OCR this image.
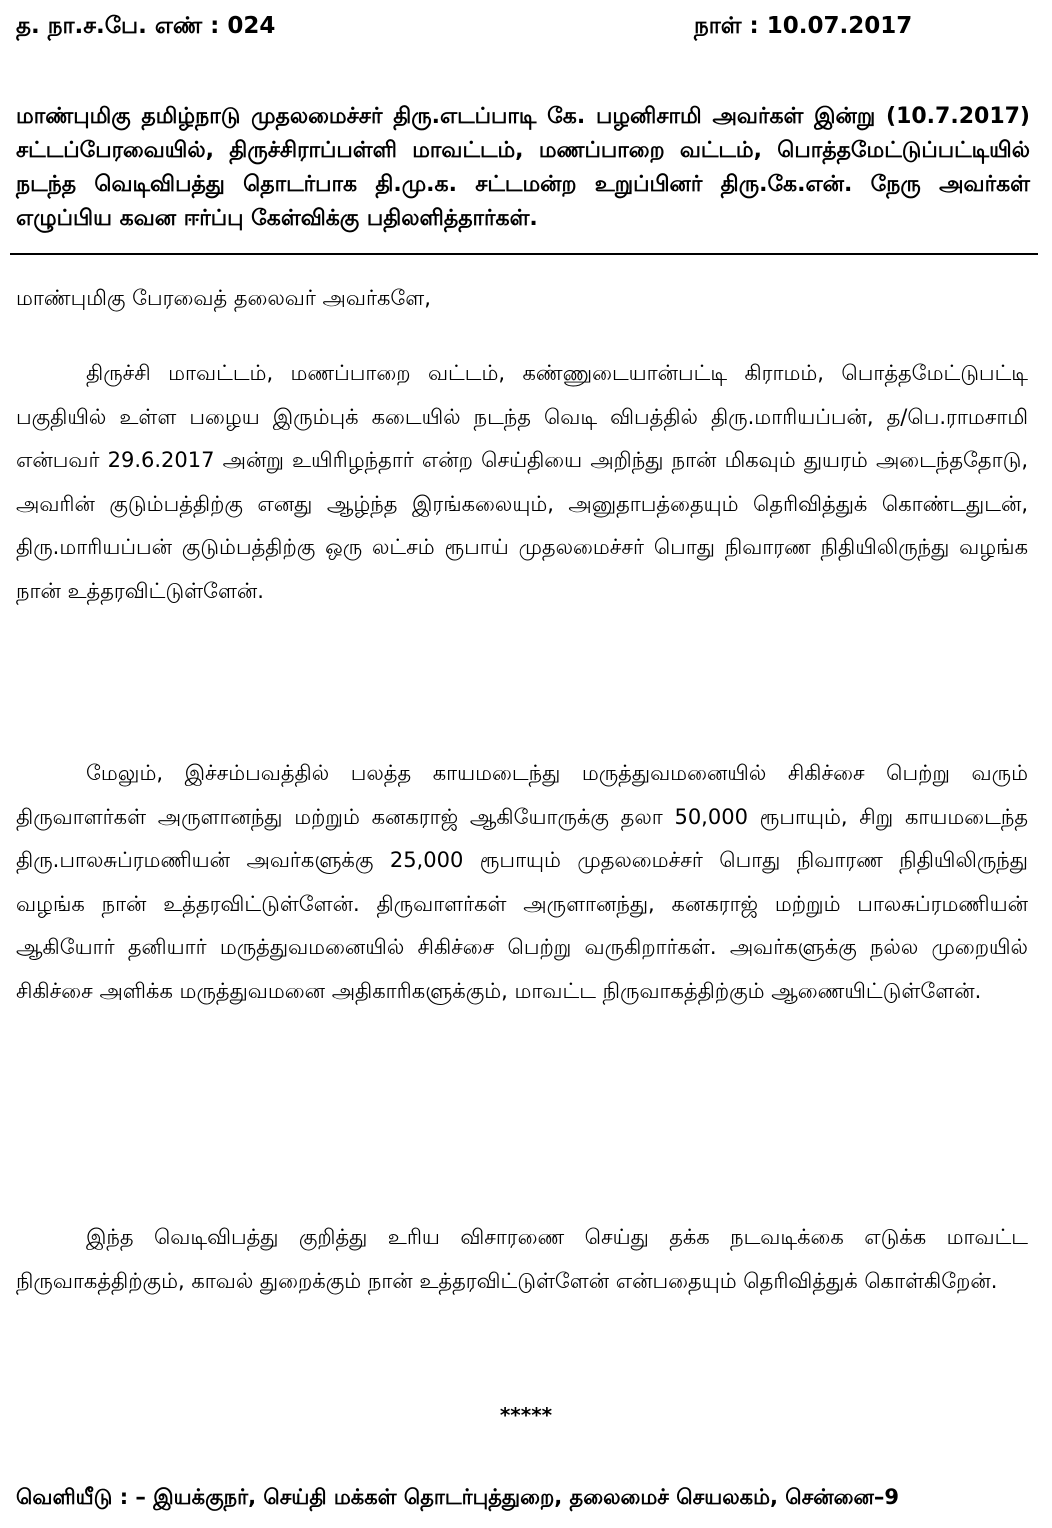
த. நா.ச.பே. எண் : 024	நாள் : 10.07.2017
மாண்புமிகு தமிழ்நாடு முதலமைச்சர் திரு.எடப்பாடி கே. பழனிசாமி அவர்கள் இன்று (10.7.2017) சட்டப்பேரவையில், திருச்சிராப்பள்ளி மாவட்டம், மணப்பாறை வட்டம், பொத்தமேட்டுப்பட்டியில் நடந்த வெடிவிபத்து தொடர்பாக தி.மு.க. சட்டமன்ற உறுப்பினர் திரு.கே.என். நேரு அவர்கள் எழுப்பிய கவன ஈர்ப்பு கேள்விக்கு பதிலளித்தார்கள்.
மாண்புமிகு பேரவைத் தலைவர் அவர்களே,

திருச்சி மாவட்டம், மணப்பாறை வட்டம், கண்ணுடையான்பட்டி கிராமம், பொத்தமேட்டுபட்டி பகுதியில் உள்ள பழைய இரும்புக் கடையில் நடந்த வெடி விபத்தில் திரு.மாரியப்பன், த/பெ.ராமசாமி என்பவர் 29.6.2017 அன்று உயிரிழந்தார் என்ற செய்தியை அறிந்து நான் மிகவும் துயரம் அடைந்ததோடு, அவரின் குடும்பத்திற்கு எனது ஆழ்ந்த இரங்கலையும், அனுதாபத்தையும் தெரிவித்துக் கொண்டதுடன், திரு.மாரியப்பன் குடும்பத்திற்கு ஒரு லட்சம் ரூபாய் முதலமைச்சர் பொது நிவாரண நிதியிலிருந்து வழங்க நான் உத்தரவிட்டுள்ளேன்.

மேலும், இச்சம்பவத்தில் பலத்த காயமடைந்து மருத்துவமனையில் சிகிச்சை பெற்று வரும் திருவாளர்கள் அருளானந்து மற்றும் கனகராஜ் ஆகியோருக்கு தலா 50,000 ரூபாயும், சிறு காயமடைந்த திரு.பாலசுப்ரமணியன் அவர்களுக்கு 25,000 ரூபாயும் முதலமைச்சர் பொது நிவாரண நிதியிலிருந்து வழங்க நான் உத்தரவிட்டுள்ளேன். திருவாளர்கள் அருளானந்து, கனகராஜ் மற்றும் பாலசுப்ரமணியன் ஆகியோர் தனியார் மருத்துவமனையில் சிகிச்சை பெற்று வருகிறார்கள். அவர்களுக்கு நல்ல முறையில் சிகிச்சை அளிக்க மருத்துவமனை அதிகாரிகளுக்கும், மாவட்ட நிருவாகத்திற்கும் ஆணையிட்டுள்ளேன்.

இந்த வெடிவிபத்து குறித்து உரிய விசாரணை செய்து தக்க நடவடிக்கை எடுக்க மாவட்ட நிருவாகத்திற்கும், காவல் துறைக்கும் நான் உத்தரவிட்டுள்ளேன் என்பதையும் தெரிவித்துக் கொள்கிறேன்.

*****
வெளியீடு : – இயக்குநர், செய்தி மக்கள் தொடர்புத்துறை, தலைமைச் செயலகம், சென்னை–9
